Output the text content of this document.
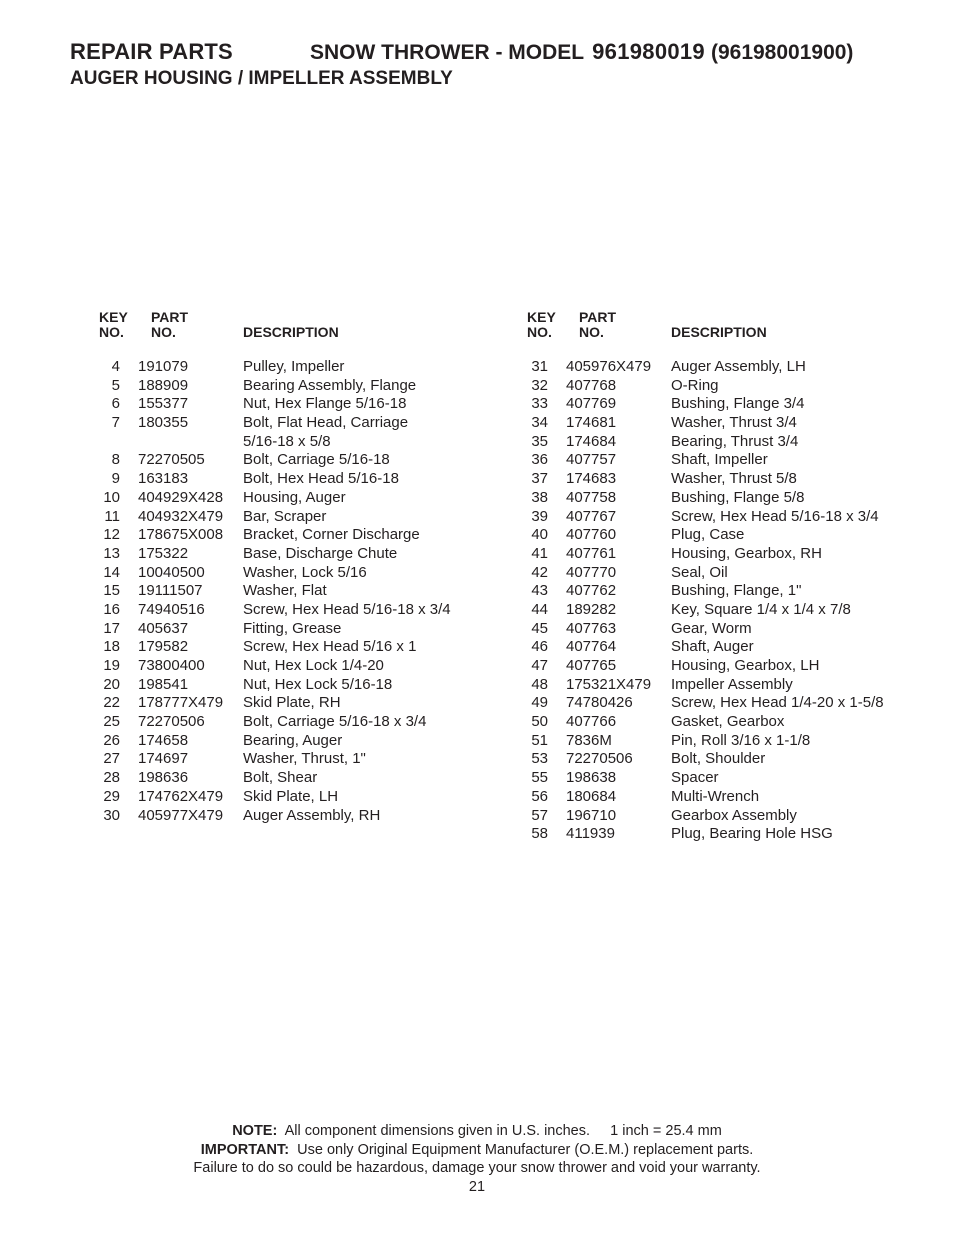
REPAIR PARTS	SNOW THROWER - MODEL 961980019 (96198001900)
AUGER HOUSING / IMPELLER ASSEMBLY
KEY
NO.
PART
NO.	DESCRIPTION
4 191079	Pulley, Impeller
5 188909	Bearing Assembly, Flange
6 155377	Nut, Hex Flange 5/16-18
7 180355	Bolt, Flat Head, Carriage
5/16-18 x 5/8
8 72270505	Bolt, Carriage 5/16-18
9 163183	Bolt, Hex Head 5/16-18
10 404929X428 Housing, Auger
11 404932X479 Bar, Scraper
12 178675X008 Bracket, Corner Discharge
13 175322	Base, Discharge Chute
14 10040500	Washer, Lock 5/16
15 19111507	Washer, Flat
16 74940516	Screw, Hex Head 5/16-18 x 3/4
17 405637	Fitting, Grease
18 179582	Screw, Hex Head 5/16 x 1
19 73800400	Nut, Hex Lock 1/4-20
20 198541	Nut, Hex Lock 5/16-18
22 178777X479 Skid Plate, RH
25 72270506	Bolt, Carriage 5/16-18 x 3/4
26 174658	Bearing, Auger
27 174697	Washer, Thrust, 1"
28 198636	Bolt, Shear
29 174762X479 Skid Plate, LH
30 405977X479 Auger Assembly, RH
KEY
NO.
PART
NO.	DESCRIPTION
31 405976X479 Auger Assembly, LH
32 407768	O-Ring
33 407769	Bushing, Flange 3/4
34 174681	Washer, Thrust 3/4
35 174684	Bearing, Thrust 3/4
36 407757	Shaft, Impeller
37 174683	Washer, Thrust 5/8
38 407758	Bushing, Flange 5/8
39 407767	Screw, Hex Head 5/16-18 x 3/4
40 407760	Plug, Case
41 407761	Housing, Gearbox, RH
42 407770	Seal, Oil
43 407762	Bushing, Flange, 1"
44 189282	Key, Square 1/4 x 1/4 x 7/8
45 407763	Gear, Worm
46 407764	Shaft, Auger
47 407765	Housing, Gearbox, LH
48 175321X479 Impeller Assembly
49 74780426	Screw, Hex Head 1/4-20 x 1-5/8
50 407766	Gasket, Gearbox
51 7836M	Pin, Roll 3/16 x 1-1/8
53 72270506	Bolt, Shoulder
55 198638	Spacer
56 180684	Multi-Wrench
57 196710	Gearbox Assembly
58 411939	Plug, Bearing Hole HSG
NOTE: All component dimensions given in U.S. inches.     1 inch = 25.4 mm
IMPORTANT: Use only Original Equipment Manufacturer (O.E.M.) replacement parts.
Failure to do so could be hazardous, damage your snow thrower and void your warranty.
21
